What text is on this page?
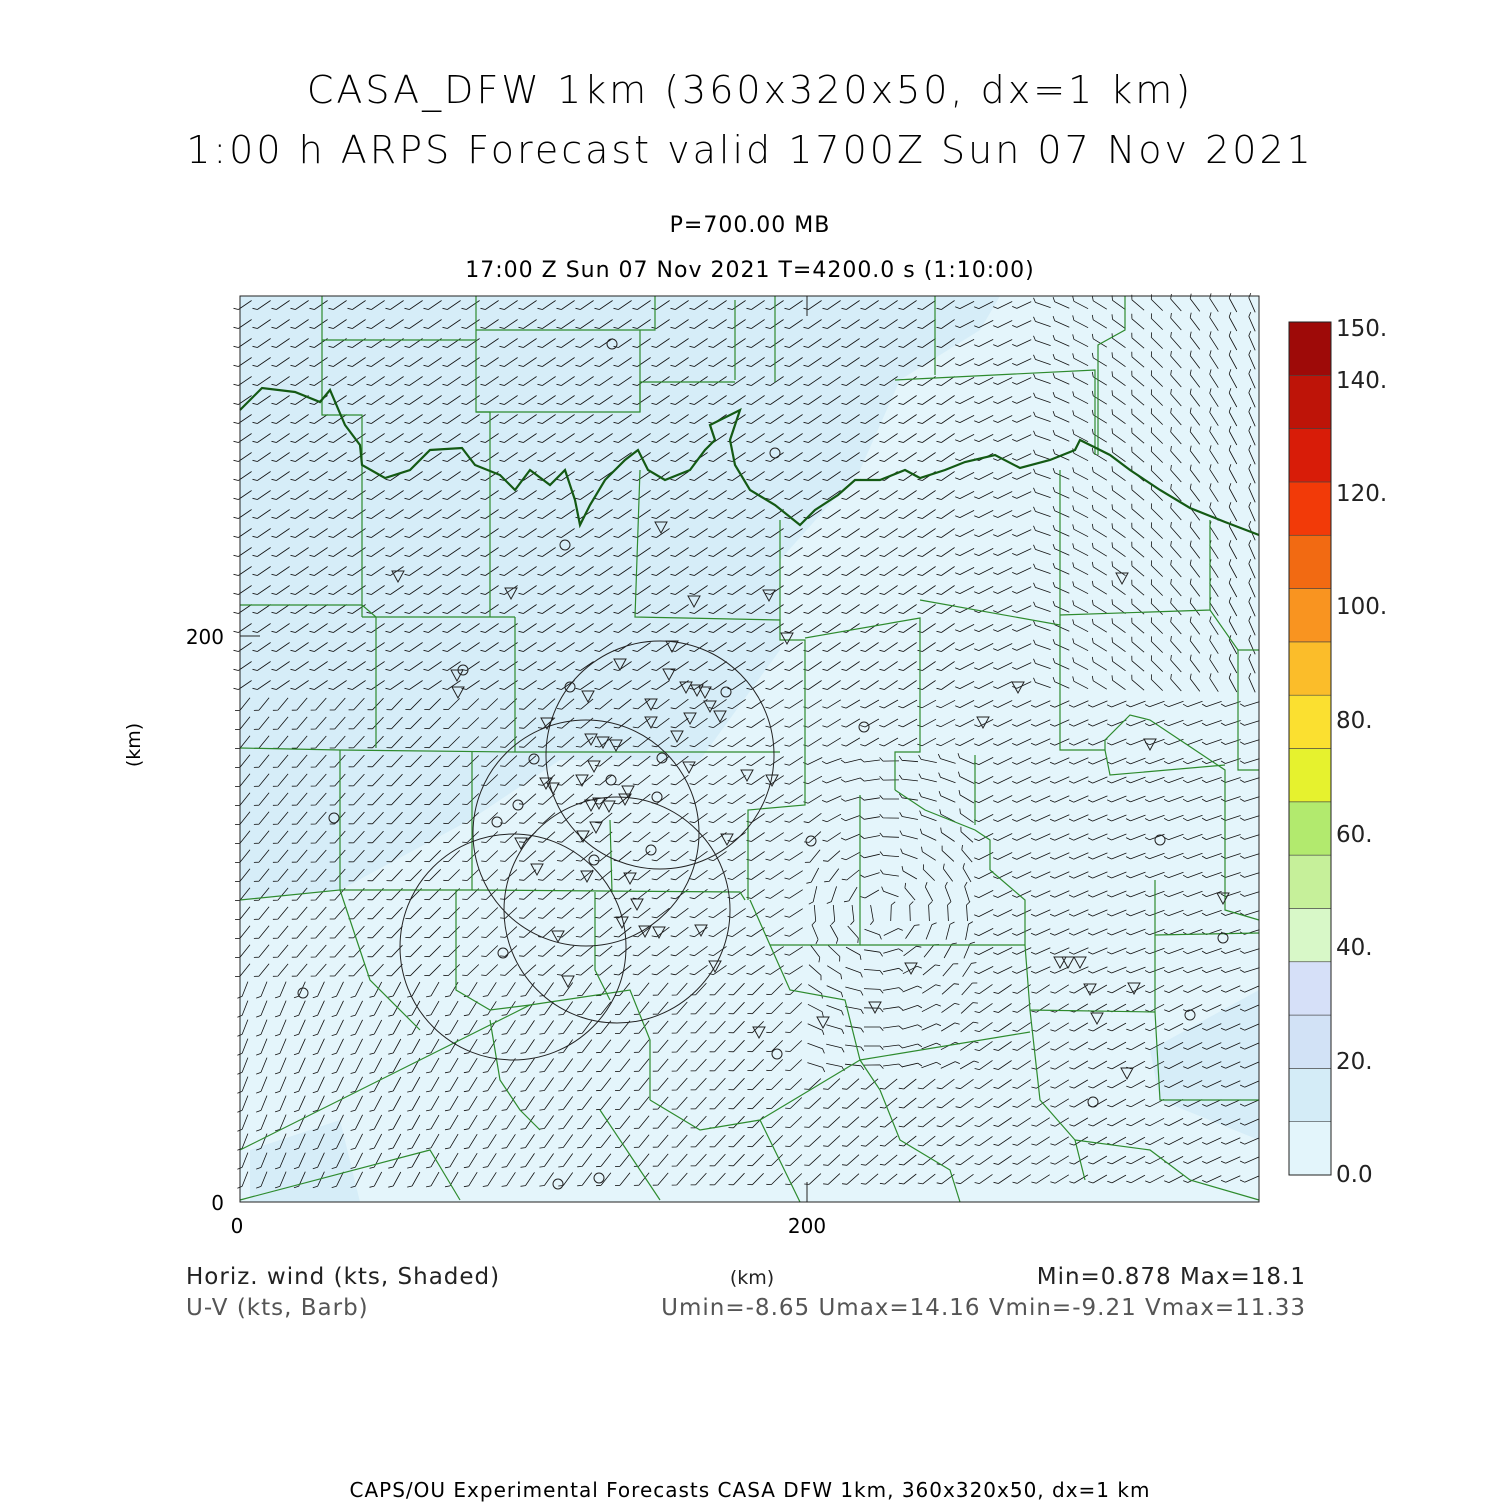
CASA_DFW 1km (360x320x50, dx=1 km)
1:00 h ARPS Forecast valid 1700Z Sun 07 Nov 2021
P=700.00 MB
17:00 Z Sun 07 Nov 2021 T=4200.0 s (1:10:00)
0	200
0
200
(km)
150.
140.
120.
100.
80.
60.
40.
20.
0.0
Horiz. wind (kts, Shaded)
U-V (kts, Barb)
(km)	Min=0.878 Max=18.1
Umin=-8.65 Umax=14.16 Vmin=-9.21 Vmax=11.33
CAPS/OU Experimental Forecasts CASA DFW 1km, 360x320x50, dx=1 km
